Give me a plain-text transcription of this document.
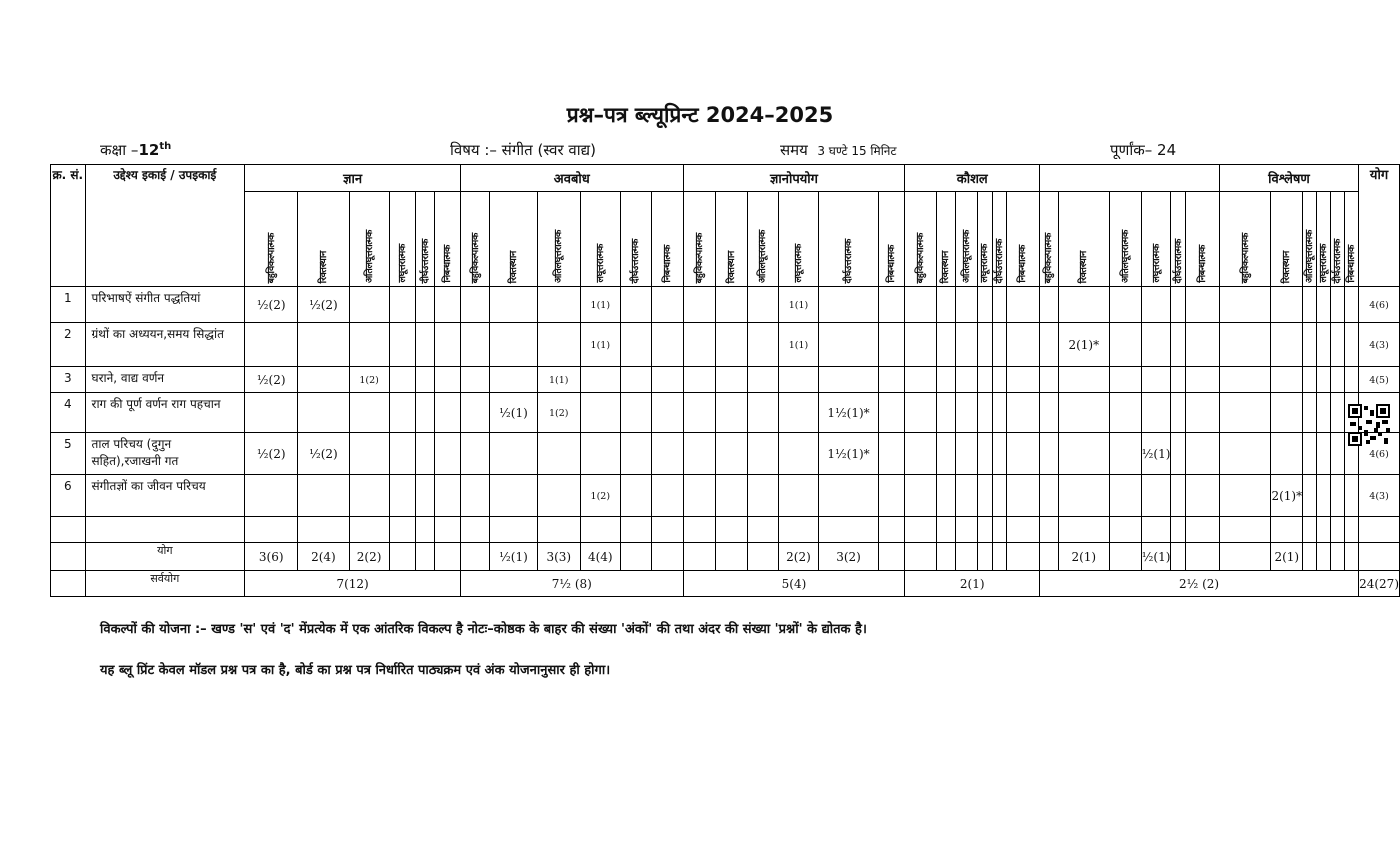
प्रश्न–पत्र ब्ल्यूप्रिन्ट 2024–2025
कक्षा –12th	विषय :– संगीत (स्वर वाद्य)	समय 3 घण्टे 15 मिनिट	पूर्णांक– 24
क्र. सं.	उद्देश्य इकाई / उपइकाई	ज्ञान						अवबोध						ज्ञानोपयोग						कौशल												विश्लेषण						योग
		बहुविकल्पात्मक	रिक्तस्थान	अतिलघूत्तरात्मक	लघूत्तरात्मक	दीर्घउत्तरात्मक	निबन्धात्मक	बहुविकल्पात्मक	रिक्तस्थान	अतिलघूत्तरात्मक	लघूत्तरात्मक	दीर्घउत्तरात्मक	निबन्धात्मक	बहुविकल्पात्मक	रिक्तस्थान	अतिलघूत्तरात्मक	लघूत्तरात्मक	दीर्घउत्तरात्मक	निबन्धात्मक	बहुविकल्पात्मक	रिक्तस्थान	अतिलघूत्तरात्मक	लघूत्तरात्मक	दीर्घउत्तरात्मक	निबन्धात्मक	बहुविकल्पात्मक	रिक्तस्थान	अतिलघूत्तरात्मक	लघूत्तरात्मक	दीर्घउत्तरात्मक	निबन्धात्मक	बहुविकल्पात्मक	रिक्तस्थान	अतिलघूत्तरात्मक	लघूत्तरात्मक	दीर्घउत्तरात्मक	निबन्धात्मक	
1	परिभाषऐं संगीत पद्धतियां	½(2)	½(2)								1(1)						1(1)																					4(6)
2	ग्रंथों का अध्ययन,समय सिद्धांत										1(1)						1(1)										2(1)*											4(3)
3	घराने, वाद्य वर्णन	½(2)		1(2)						1(1)																												4(5)
4	राग की पूर्ण वर्णन राग पहचान								½(1)	1(2)								1½(1)*																				
5	ताल परिचय (दुगुन सहित),रजाखनी गत	½(2)	½(2)															1½(1)*											½(1)									4(6)
6	संगीतज्ञों का जीवन परिचय										1(2)																						2(1)*					4(3)

	योग	3(6)	2(4)	2(2)					½(1)	3(3)	4(4)						2(2)	3(2)									2(1)		½(1)				2(1)					
	सर्वयोग	7(12)						7½ (8)						5(4)						2(1)						2½ (2)												24(27)
विकल्पों की योजना :– खण्ड 'स' एवं 'द' मेंप्रत्येक में एक आंतरिक विकल्प है नोटः–कोष्ठक के बाहर की संख्या 'अंकों' की तथा अंदर की संख्या 'प्रश्नों' के द्योतक है।
यह ब्लू प्रिंट केवल मॉडल प्रश्न पत्र का है, बोर्ड का प्रश्न पत्र निर्धारित पाठ्यक्रम एवं अंक योजनानुसार ही होगा।
